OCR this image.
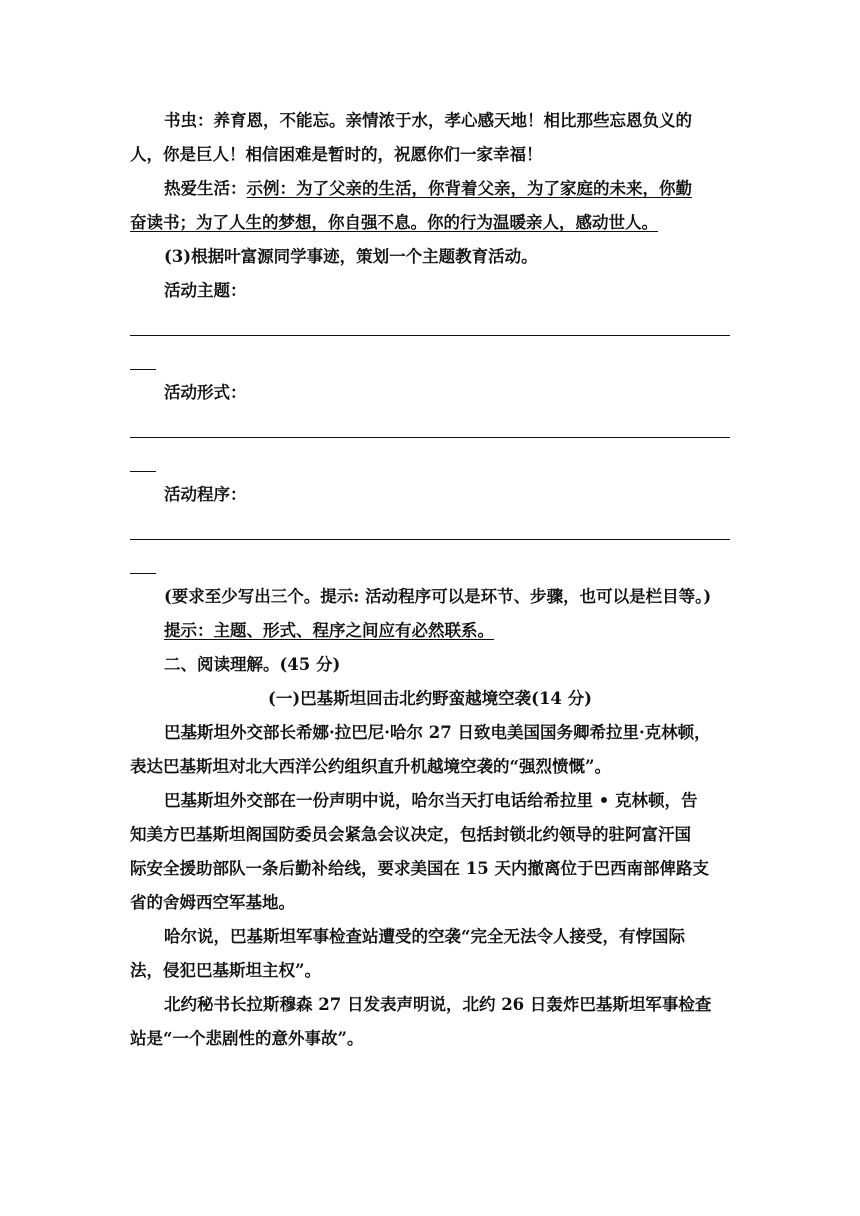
书虫：养育恩，不能忘。亲情浓于水，孝心感天地！相比那些忘恩负义的
人，你是巨人！相信困难是暂时的，祝愿你们一家幸福！
热爱生活：示例：为了父亲的生活，你背着父亲，为了家庭的未来，你勤
奋读书；为了人生的梦想，你自强不息。你的行为温暖亲人，感动世人。
(3)根据叶富源同学事迹，策划一个主题教育活动。
活动主题：
活动形式：
活动程序：
(要求至少写出三个。提示: 活动程序可以是环节、步骤，也可以是栏目等。)
提示：主题、形式、程序之间应有必然联系。
二、阅读理解。(45 分)
(一)巴基斯坦回击北约野蛮越境空袭(14 分)
巴基斯坦外交部长希娜·拉巴尼·哈尔 27 日致电美国国务卿希拉里·克林顿，
表达巴基斯坦对北大西洋公约组织直升机越境空袭的“强烈愤慨”。
巴基斯坦外交部在一份声明中说，哈尔当天打电话给希拉里 • 克林顿，告
知美方巴基斯坦阁国防委员会紧急会议决定，包括封锁北约领导的驻阿富汗国
际安全援助部队一条后勤补给线，要求美国在 15 天内撤离位于巴西南部俾路支
省的舍姆西空军基地。
哈尔说，巴基斯坦军事检查站遭受的空袭“完全无法令人接受，有悖国际
法，侵犯巴基斯坦主权”。
北约秘书长拉斯穆森 27 日发表声明说，北约 26 日轰炸巴基斯坦军事检查
站是“一个悲剧性的意外事故”。
